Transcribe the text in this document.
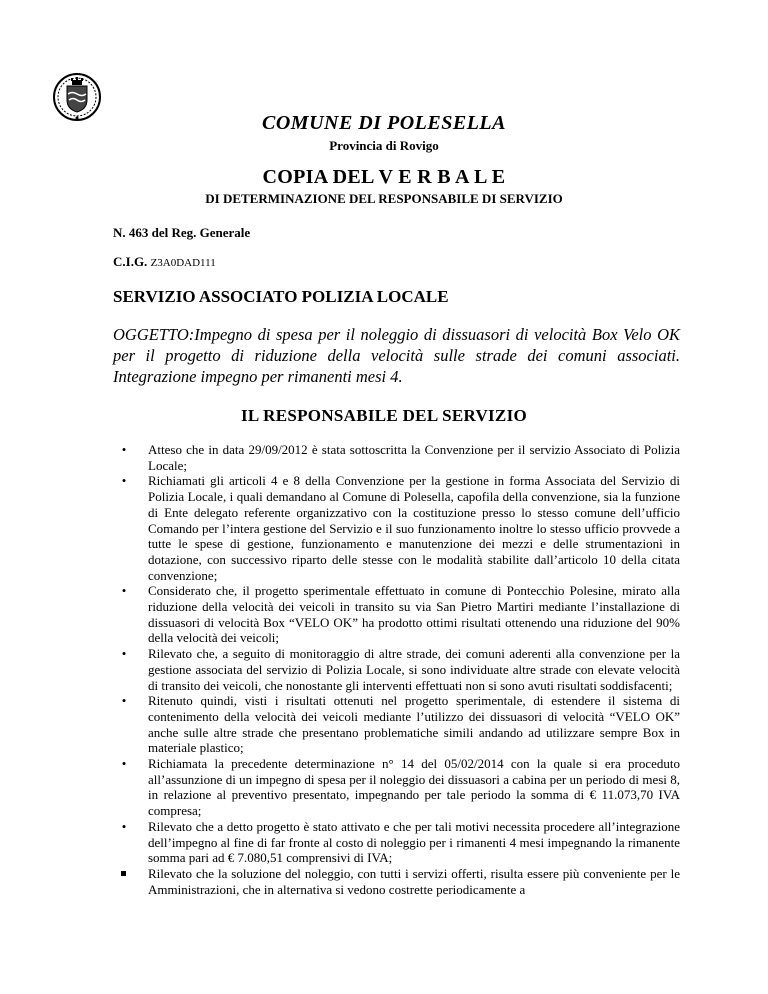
COMUNE DI POLESELLA
Provincia di Rovigo
COPIA DEL V E R B A L E
DI DETERMINAZIONE DEL RESPONSABILE DI SERVIZIO
N. 463 del Reg. Generale
C.I.G. Z3A0DAD111
SERVIZIO ASSOCIATO POLIZIA LOCALE
OGGETTO:Impegno di spesa per il noleggio di dissuasori di velocità Box Velo OK per il progetto di riduzione della velocità sulle strade dei comuni associati. Integrazione impegno per rimanenti mesi 4.
IL RESPONSABILE DEL SERVIZIO
• Atteso che in data 29/09/2012 è stata sottoscritta la Convenzione per il servizio Associato di Polizia Locale;
• Richiamati gli articoli 4 e 8 della Convenzione per la gestione in forma Associata del Servizio di Polizia Locale, i quali demandano al Comune di Polesella, capofila della convenzione, sia la funzione di Ente delegato referente organizzativo con la costituzione presso lo stesso comune dell’ufficio Comando per l’intera gestione del Servizio e il suo funzionamento inoltre lo stesso ufficio provvede a tutte le spese di gestione, funzionamento e manutenzione dei mezzi e delle strumentazioni in dotazione, con successivo riparto delle stesse con le modalità stabilite dall’articolo 10 della citata convenzione;
• Considerato che, il progetto sperimentale effettuato in comune di Pontecchio Polesine, mirato alla riduzione della velocità dei veicoli in transito su via San Pietro Martiri mediante l’installazione di dissuasori di velocità Box “VELO OK” ha prodotto ottimi risultati ottenendo una riduzione del 90% della velocità dei veicoli;
• Rilevato che, a seguito di monitoraggio di altre strade, dei comuni aderenti alla convenzione per la gestione associata del servizio di Polizia Locale, si sono individuate altre strade con elevate velocità di transito dei veicoli, che nonostante gli interventi effettuati non si sono avuti risultati soddisfacenti;
• Ritenuto quindi, visti i risultati ottenuti nel progetto sperimentale, di estendere il sistema di contenimento della velocità dei veicoli mediante l’utilizzo dei dissuasori di velocità “VELO OK” anche sulle altre strade che presentano problematiche simili andando ad utilizzare sempre Box in materiale plastico;
• Richiamata la precedente determinazione n° 14 del 05/02/2014 con la quale si era proceduto all’assunzione di un impegno di spesa per il noleggio dei dissuasori a cabina per un periodo di mesi 8, in relazione al preventivo presentato, impegnando per tale periodo la somma di € 11.073,70 IVA compresa;
• Rilevato che a detto progetto è stato attivato e che per tali motivi necessita procedere all’integrazione dell’impegno al fine di far fronte al costo di noleggio per i rimanenti 4 mesi impegnando la rimanente somma pari ad € 7.080,51 comprensivi di IVA;
Rilevato che la soluzione del noleggio, con tutti i servizi offerti, risulta essere più conveniente per le Amministrazioni, che in alternativa si vedono costrette periodicamente a
